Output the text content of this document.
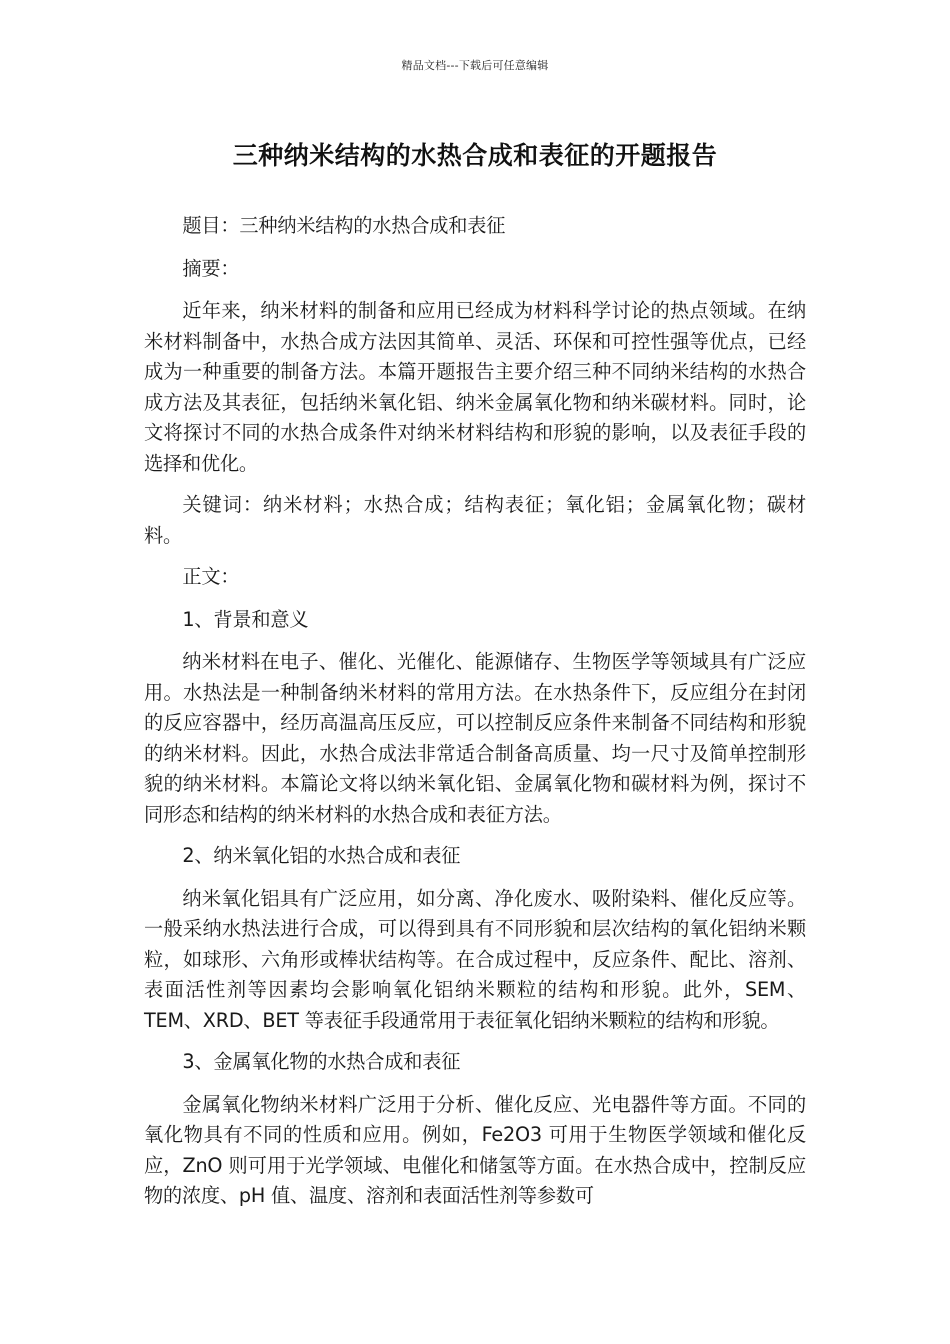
精品文档---下载后可任意编辑
三种纳米结构的水热合成和表征的开题报告

题目：三种纳米结构的水热合成和表征

摘要：

近年来，纳米材料的制备和应用已经成为材料科学讨论的热点领域。在纳米材料制备中，水热合成方法因其简单、灵活、环保和可控性强等优点，已经成为一种重要的制备方法。本篇开题报告主要介绍三种不同纳米结构的水热合成方法及其表征，包括纳米氧化铝、纳米金属氧化物和纳米碳材料。同时，论文将探讨不同的水热合成条件对纳米材料结构和形貌的影响，以及表征手段的选择和优化。

关键词：纳米材料；水热合成；结构表征；氧化铝；金属氧化物；碳材料。

正文：

1、背景和意义

纳米材料在电子、催化、光催化、能源储存、生物医学等领域具有广泛应用。水热法是一种制备纳米材料的常用方法。在水热条件下，反应组分在封闭的反应容器中，经历高温高压反应，可以控制反应条件来制备不同结构和形貌的纳米材料。因此，水热合成法非常适合制备高质量、均一尺寸及简单控制形貌的纳米材料。本篇论文将以纳米氧化铝、金属氧化物和碳材料为例，探讨不同形态和结构的纳米材料的水热合成和表征方法。

2、纳米氧化铝的水热合成和表征

纳米氧化铝具有广泛应用，如分离、净化废水、吸附染料、催化反应等。一般采纳水热法进行合成，可以得到具有不同形貌和层次结构的氧化铝纳米颗粒，如球形、六角形或棒状结构等。在合成过程中，反应条件、配比、溶剂、表面活性剂等因素均会影响氧化铝纳米颗粒的结构和形貌。此外，SEM、TEM、XRD、BET 等表征手段通常用于表征氧化铝纳米颗粒的结构和形貌。

3、金属氧化物的水热合成和表征

金属氧化物纳米材料广泛用于分析、催化反应、光电器件等方面。不同的氧化物具有不同的性质和应用。例如，Fe2O3 可用于生物医学领域和催化反应，ZnO 则可用于光学领域、电催化和储氢等方面。在水热合成中，控制反应物的浓度、pH 值、温度、溶剂和表面活性剂等参数可
